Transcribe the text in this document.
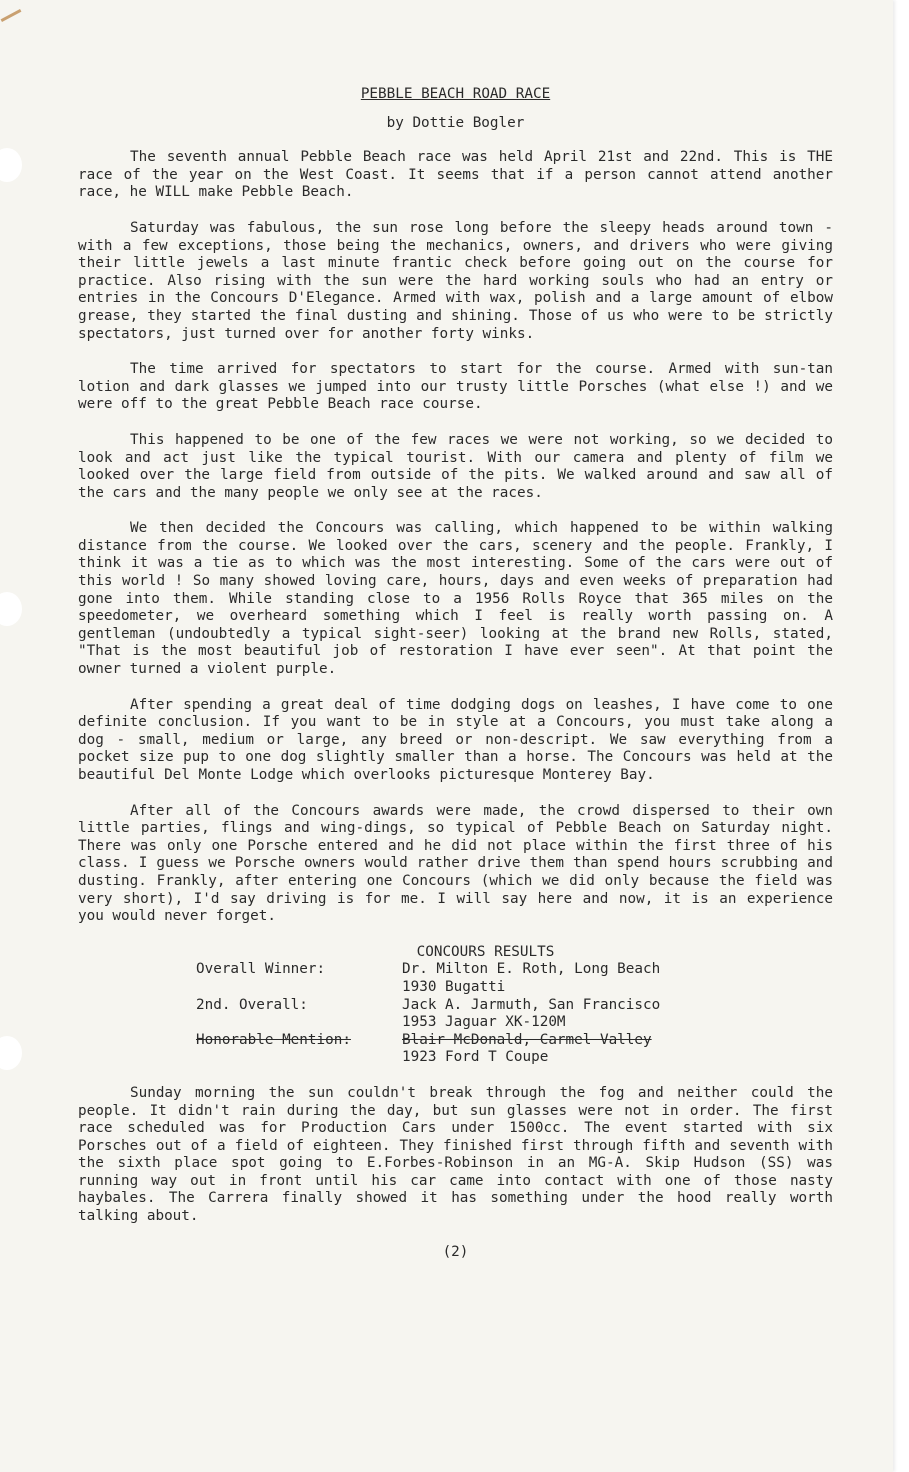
PEBBLE BEACH ROAD RACE
by Dottie Bogler

The seventh annual Pebble Beach race was held April 21st and 22nd. This is THE race of the year on the West Coast. It seems that if a person cannot attend another race, he WILL make Pebble Beach.

Saturday was fabulous, the sun rose long before the sleepy heads around town - with a few exceptions, those being the mechanics, owners, and drivers who were giving their little jewels a last minute frantic check before going out on the course for practice. Also rising with the sun were the hard working souls who had an entry or entries in the Concours D'Elegance. Armed with wax, polish and a large amount of elbow grease, they started the final dusting and shining. Those of us who were to be strictly spectators, just turned over for another forty winks.

The time arrived for spectators to start for the course. Armed with sun-tan lotion and dark glasses we jumped into our trusty little Porsches (what else !) and we were off to the great Pebble Beach race course.

This happened to be one of the few races we were not working, so we decided to look and act just like the typical tourist. With our camera and plenty of film we looked over the large field from outside of the pits. We walked around and saw all of the cars and the many people we only see at the races.

We then decided the Concours was calling, which happened to be within walking distance from the course. We looked over the cars, scenery and the people. Frankly, I think it was a tie as to which was the most interesting. Some of the cars were out of this world ! So many showed loving care, hours, days and even weeks of preparation had gone into them. While standing close to a 1956 Rolls Royce that 365 miles on the speedometer, we overheard something which I feel is really worth passing on. A gentleman (undoubtedly a typical sight-seer) looking at the brand new Rolls, stated, "That is the most beautiful job of restoration I have ever seen". At that point the owner turned a violent purple.

After spending a great deal of time dodging dogs on leashes, I have come to one definite conclusion. If you want to be in style at a Concours, you must take along a dog - small, medium or large, any breed or non-descript. We saw everything from a pocket size pup to one dog slightly smaller than a horse. The Concours was held at the beautiful Del Monte Lodge which overlooks picturesque Monterey Bay.

After all of the Concours awards were made, the crowd dispersed to their own little parties, flings and wing-dings, so typical of Pebble Beach on Saturday night. There was only one Porsche entered and he did not place within the first three of his class. I guess we Porsche owners would rather drive them than spend hours scrubbing and dusting. Frankly, after entering one Concours (which we did only because the field was very short), I'd say driving is for me. I will say here and now, it is an experience you would never forget.

CONCOURS RESULTS
Overall Winner:	Dr. Milton E. Roth, Long Beach
1930 Bugatti
2nd. Overall:	Jack A. Jarmuth, San Francisco
1953 Jaguar XK-120M
Honorable Mention:	Blair McDonald, Carmel Valley
1923 Ford T Coupe

Sunday morning the sun couldn't break through the fog and neither could the people. It didn't rain during the day, but sun glasses were not in order. The first race scheduled was for Production Cars under 1500cc. The event started with six Porsches out of a field of eighteen. They finished first through fifth and seventh with the sixth place spot going to E.Forbes-Robinson in an MG-A. Skip Hudson (SS) was running way out in front until his car came into contact with one of those nasty haybales. The Carrera finally showed it has something under the hood really worth talking about.

(2)
